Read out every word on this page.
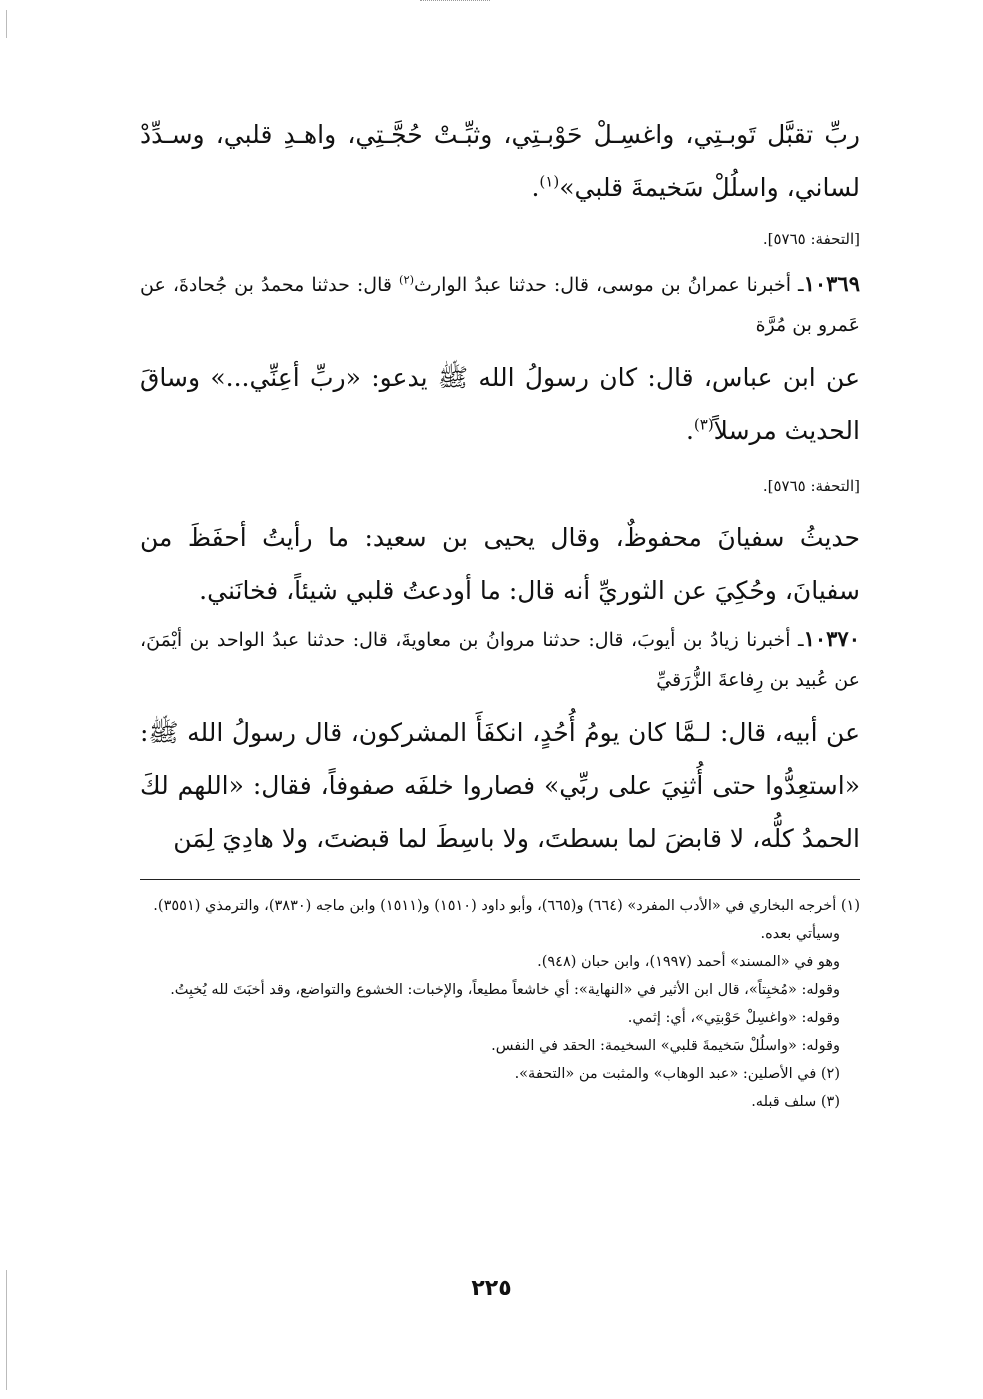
ربِّ تقبَّل تَوبـتِي، واغسِـلْ حَوْبـتِي، وثبِّـتْ حُجَّـتِي، واهـدِ قلبي، وسـدِّدْ لساني، واسلُلْ سَخيمةَ قلبي»$^{(١)}$.

[التحفة: ٥٧٦٥].

١٠٣٦٩ـ أخبرنا عمرانُ بن موسى، قال: حدثنا عبدُ الوارث$^{(٢)}$ قال: حدثنا محمدُ بن جُحادةَ، عن عَمرو بن مُرَّة

عن ابن عباس، قال: كان رسولُ الله ﷺ يدعو: «ربِّ أعِنِّي...» وساقَ الحديث مرسلاً$^{(٣)}$.

[التحفة: ٥٧٦٥].

حديثُ سفيانَ محفوظٌ، وقال يحيى بن سعيد: ما رأيتُ أحفَظَ من سفيانَ، وحُكِيَ عن الثوريِّ أنه قال: ما أودعتُ قلبي شيئاً، فخانَني.

١٠٣٧٠ـ أخبرنا زيادُ بن أيوبَ، قال: حدثنا مروانُ بن معاويةَ، قال: حدثنا عبدُ الواحد بن أيْمَنَ، عن عُبيد بن رِفاعةَ الزُّرَقيِّ

عن أبيه، قال: لـمَّا كان يومُ أُحُدٍ، انكفَأَ المشركون، قال رسولُ الله ﷺ: «استعِدُّوا حتى أُثنِيَ على ربِّي» فصاروا خلفَه صفوفاً، فقال: «اللهم لكَ الحمدُ كلُّه، لا قابضَ لما بسطتَ، ولا باسِطَ لما قبضتَ، ولا هادِيَ لِمَن

(١) أخرجه البخاري في «الأدب المفرد» (٦٦٤) و(٦٦٥)، وأبو داود (١٥١٠) و(١٥١١) وابن ماجه (٣٨٣٠)، والترمذي (٣٥٥١).

وسيأتي بعده.

وهو في «المسند» أحمد (١٩٩٧)، وابن حبان (٩٤٨).

وقوله: «مُخبِتاً»، قال ابن الأثير في «النهاية»: أي خاشعاً مطيعاً، والإخبات: الخشوع والتواضع، وقد أخبَتَ لله يُخبِتُ.

وقوله: «واغسِلْ حَوْبتِي»، أي: إثمي.

وقوله: «واسلُلْ سَخيمةَ قلبي» السخيمة: الحقد في النفس.

(٢) في الأصلين: «عبد الوهاب» والمثبت من «التحفة».

(٣) سلف قبله.

٢٢٥
